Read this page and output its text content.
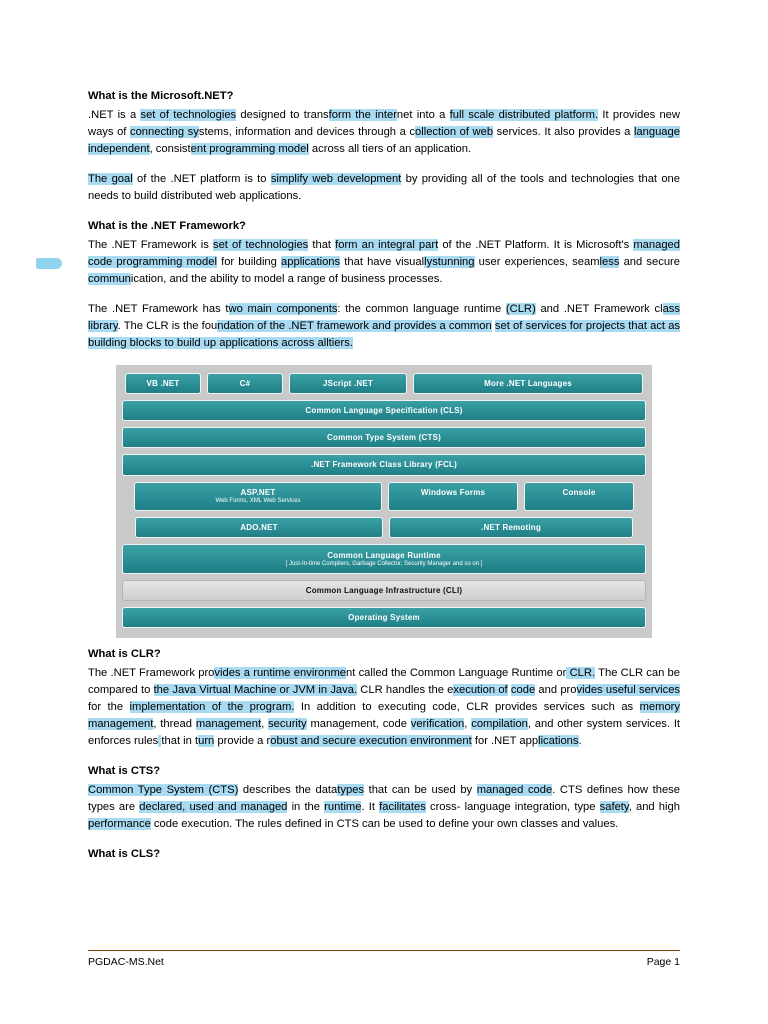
What is the Microsoft.NET?

.NET is a set of technologies designed to transform the internet into a full scale distributed platform. It provides new ways of connecting systems, information and devices through a collection of web services. It also provides a language independent, consistent programming model across all tiers of an application.

The goal of the .NET platform is to simplify web development by providing all of the tools and technologies that one needs to build distributed web applications.

What is the .NET Framework?

The .NET Framework is set of technologies that form an integral part of the .NET Platform. It is Microsoft's managed code programming model for building applications that have visuallystunning user experiences, seamless and secure communication, and the ability to model a range of business processes.

The .NET Framework has two main components: the common language runtime (CLR) and .NET Framework class library. The CLR is the foundation of the .NET framework and provides a common set of services for projects that act as building blocks to build up applications across alltiers.

VB .NET	C#	JScript .NET	More .NET Languages
Common Language Specification (CLS)
Common Type System (CTS)
.NET Framework Class Library (FCL)
ASP.NET
Web Forms, XML Web Services
Windows Forms	Console
ADO.NET	.NET Remoting
Common Language Runtime
[ Just-In-time Compilers, Garbage Collector, Security Manager and so on ]
Common Language Infrastructure (CLI)
Operating System
What is CLR?

The .NET Framework provides a runtime environment called the Common Language Runtime or CLR. The CLR can be compared to the Java Virtual Machine or JVM in Java. CLR handles the execution of code and provides useful services for the implementation of the program. In addition to executing code, CLR provides services such as memory management, thread management, security management, code verification, compilation, and other system services. It enforces rules that in turn provide a robust and secure execution environment for .NET applications.

What is CTS?

Common Type System (CTS) describes the datatypes that can be used by managed code. CTS defines how these types are declared, used and managed in the runtime. It facilitates cross- language integration, type safety, and high performance code execution. The rules defined in CTS can be used to define your own classes and values.

What is CLS?
PGDAC-MS.Net	Page 1
